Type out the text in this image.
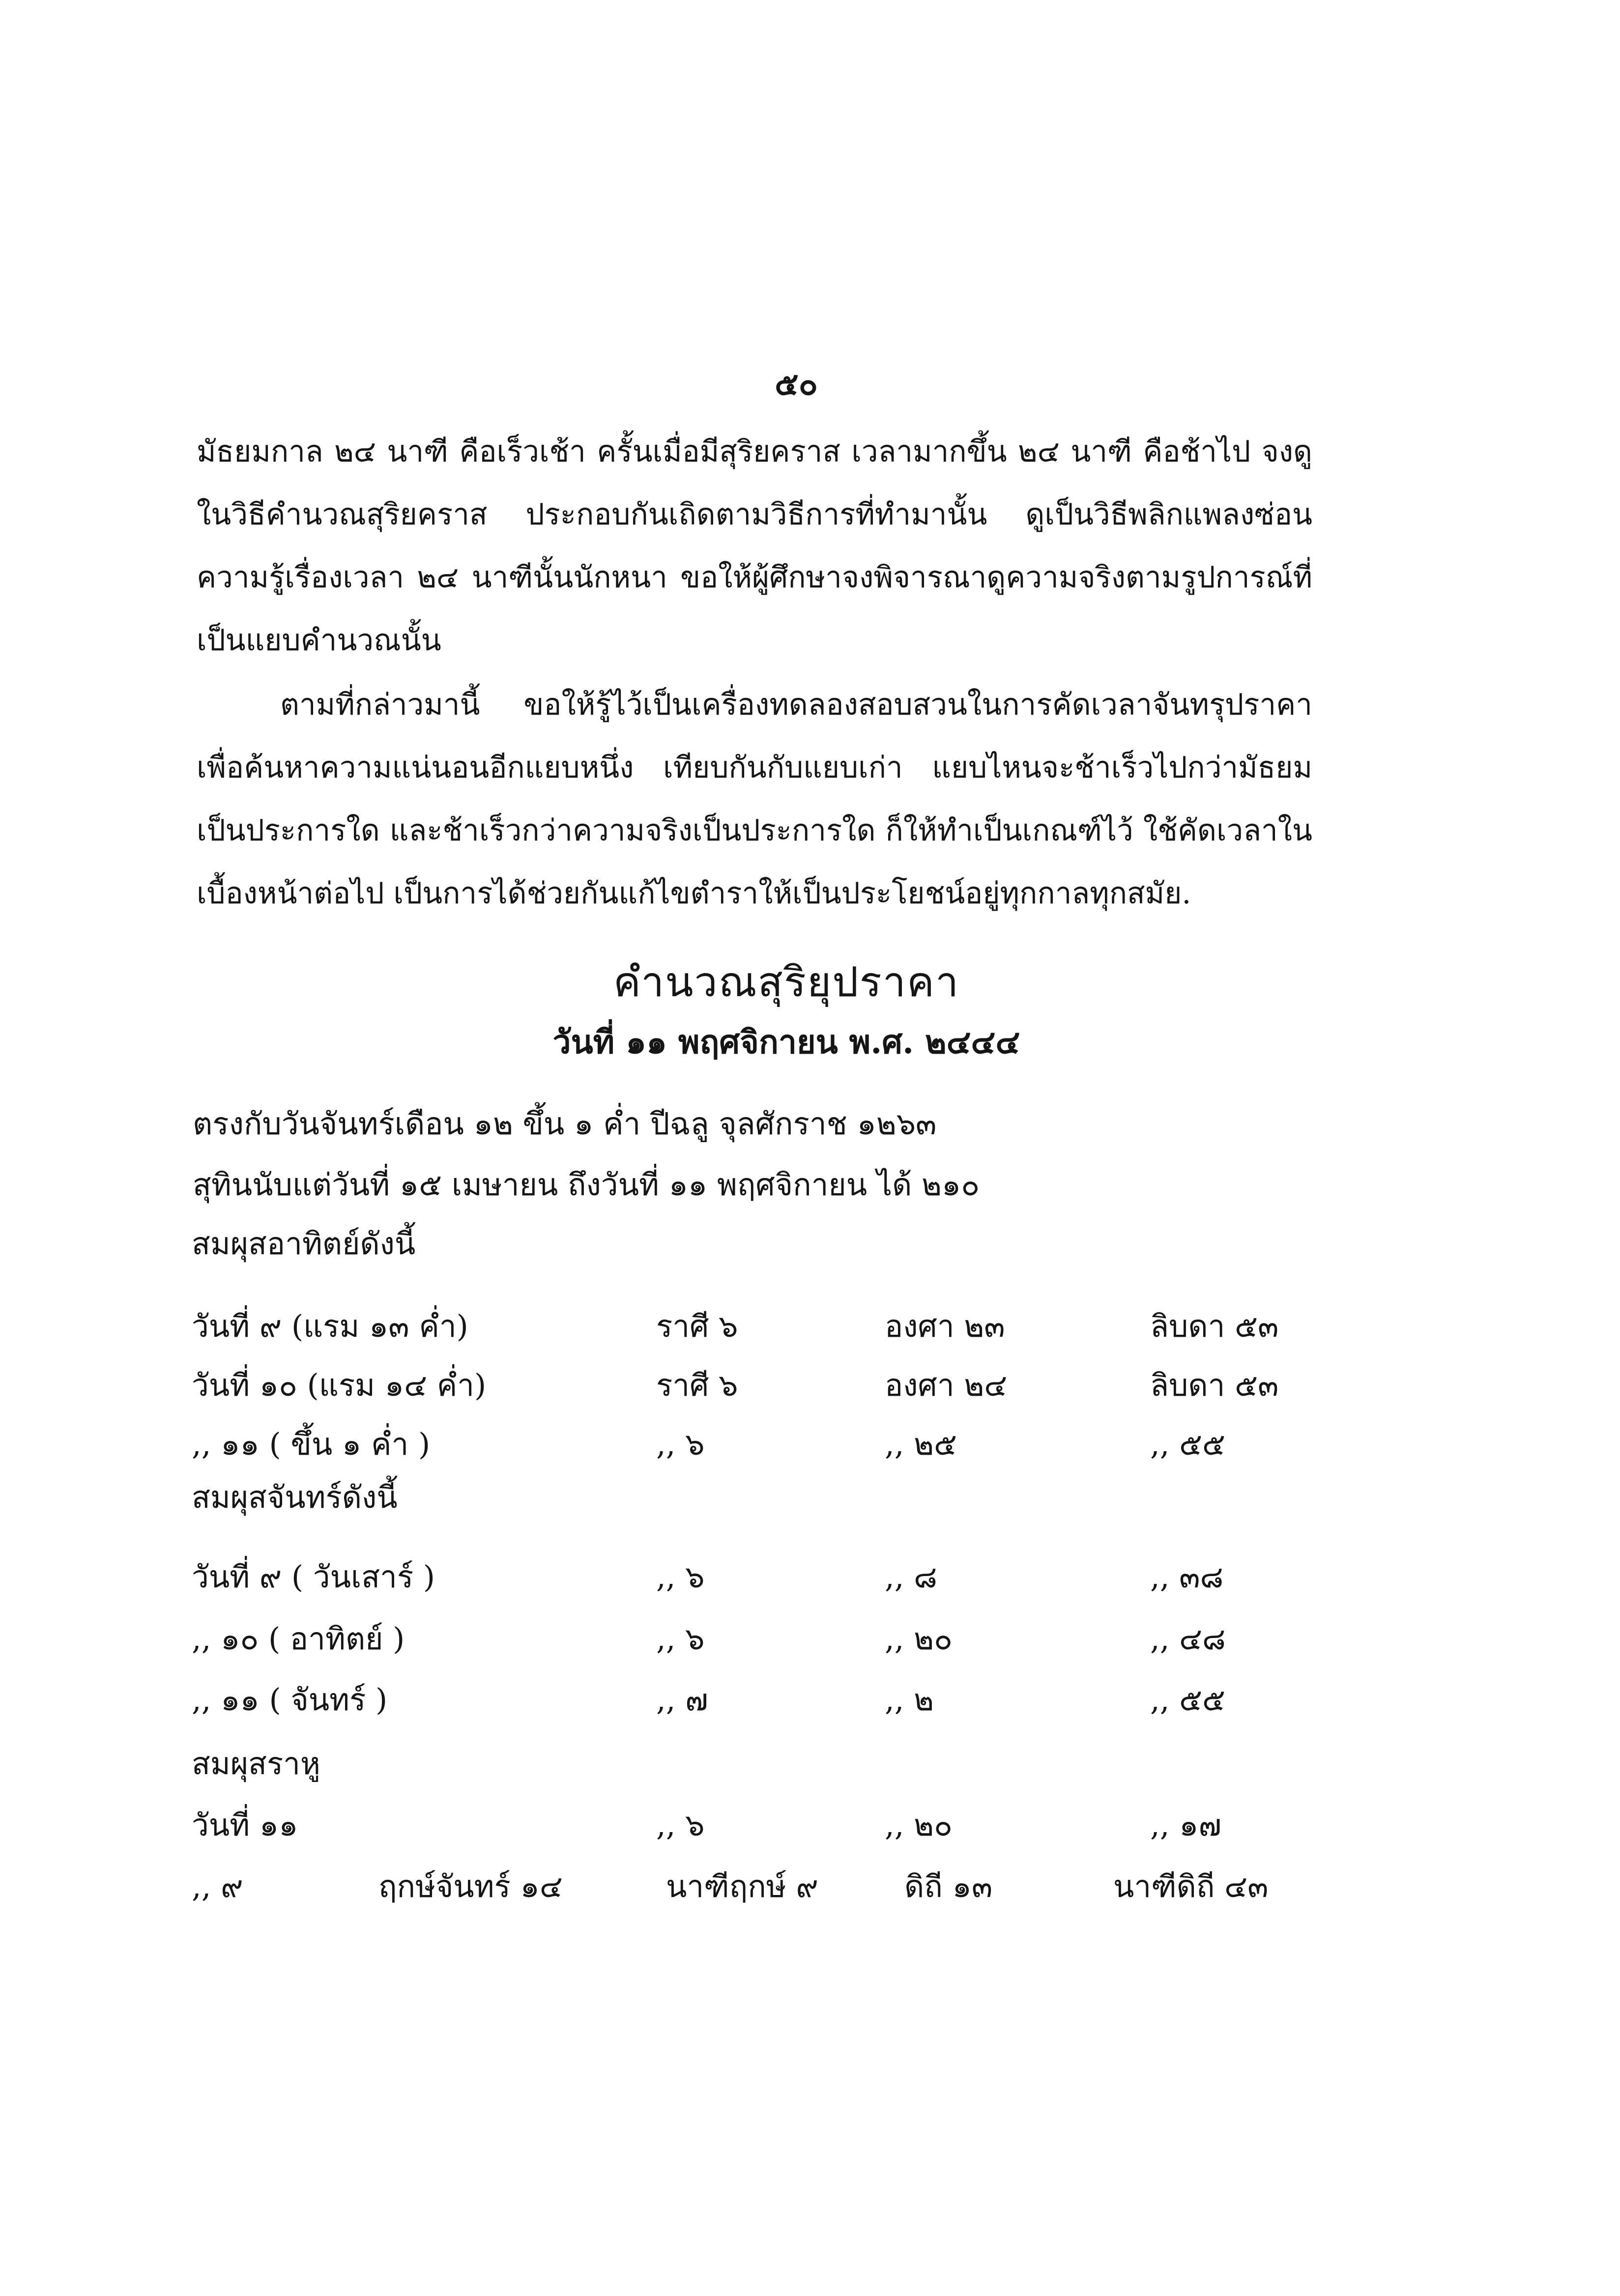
๕๐
มัธยมกาล ๒๔ นาฑี คือเร็วเช้า ครั้นเมื่อมีสุริยคราส เวลามากขึ้น ๒๔ นาฑี คือช้าไป จงดูในวิธีคำนวณสุริยคราส ประกอบกันเถิดตามวิธีการที่ทำมานั้น ดูเป็นวิธีพลิกแพลงซ่อนความรู้เรื่องเวลา ๒๔ นาฑีนั้นนักหนา ขอให้ผู้ศึกษาจงพิจารณาดูความจริงตามรูปการณ์ที่เป็นแยบคำนวณนั้น
ตามที่กล่าวมานี้ ขอให้รู้ไว้เป็นเครื่องทดลองสอบสวนในการคัดเวลาจันทรุปราคา เพื่อค้นหาความแน่นอนอีกแยบหนึ่ง เทียบกันกับแยบเก่า แยบไหนจะช้าเร็วไปกว่ามัธยมเป็นประการใด และช้าเร็วกว่าความจริงเป็นประการใด ก็ให้ทำเป็นเกณฑ์ไว้ ใช้คัดเวลาในเบื้องหน้าต่อไป เป็นการได้ช่วยกันแก้ไขตำราให้เป็นประโยชน์อยู่ทุกกาลทุกสมัย.
คำนวณสุริยุปราคา
วันที่ ๑๑ พฤศจิกายน พ.ศ. ๒๔๔๔
ตรงกับวันจันทร์เดือน ๑๒ ขึ้น ๑ ค่ำ ปีฉลู จุลศักราช ๑๒๖๓
สุทินนับแต่วันที่ ๑๕ เมษายน ถึงวันที่ ๑๑ พฤศจิกายน ได้ ๒๑๐
สมผุสอาทิตย์ดังนี้
วันที่ ๙ (แรม ๑๓ ค่ำ)	ราศี ๖	องศา ๒๓	ลิบดา ๕๓
วันที่ ๑๐ (แรม ๑๔ ค่ำ)	ราศี ๖	องศา ๒๔	ลิบดา ๕๓
,, ๑๑ ( ขึ้น ๑ ค่ำ )	,, ๖	,, ๒๕	,, ๕๕
สมผุสจันทร์ดังนี้
วันที่ ๙ ( วันเสาร์ )	,, ๖	,, ๘	,, ๓๘
,, ๑๐ ( อาทิตย์ )	,, ๖	,, ๒๐	,, ๔๘
,, ๑๑ ( จันทร์ )	,, ๗	,, ๒	,, ๕๕
สมผุสราหู
วันที่ ๑๑	,, ๖	,, ๒๐	,, ๑๗
,, ๙	ฤกษ์จันทร์ ๑๔	นาฑีฤกษ์ ๙	ดิถี ๑๓	นาฑีดิถี ๔๓
